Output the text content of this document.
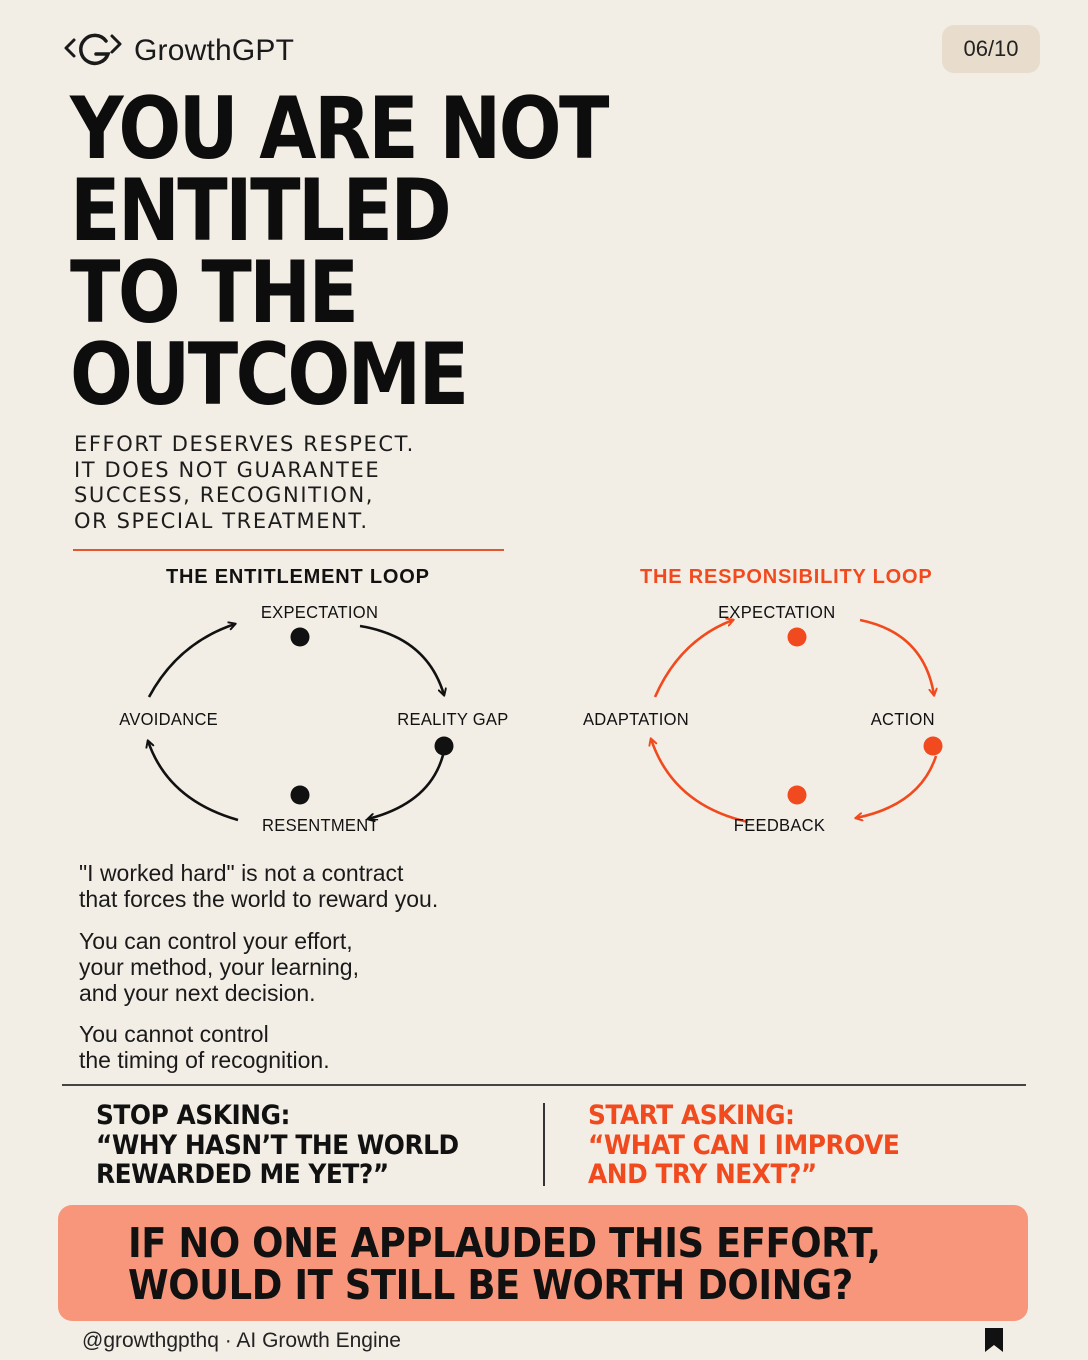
GrowthGPT	06/10
YOU ARE NOT
ENTITLED
TO THE
OUTCOME
EFFORT DESERVES RESPECT.
IT DOES NOT GUARANTEE
SUCCESS, RECOGNITION,
OR SPECIAL TREATMENT.
THE ENTITLEMENT LOOP	THE RESPONSIBILITY LOOP
EXPECTATION
REALITY GAP
RESENTMENT
AVOIDANCE
EXPECTATION
ACTION
FEEDBACK
ADAPTATION
"I worked hard" is not a contract
that forces the world to reward you.
You can control your effort,
your method, your learning,
and your next decision.
You cannot control
the timing of recognition.
STOP ASKING:
“WHY HASN’T THE WORLD
REWARDED ME YET?”
START ASKING:
“WHAT CAN I IMPROVE
AND TRY NEXT?”
IF NO ONE APPLAUDED THIS EFFORT,
WOULD IT STILL BE WORTH DOING?
@growthgpthq · AI Growth Engine
